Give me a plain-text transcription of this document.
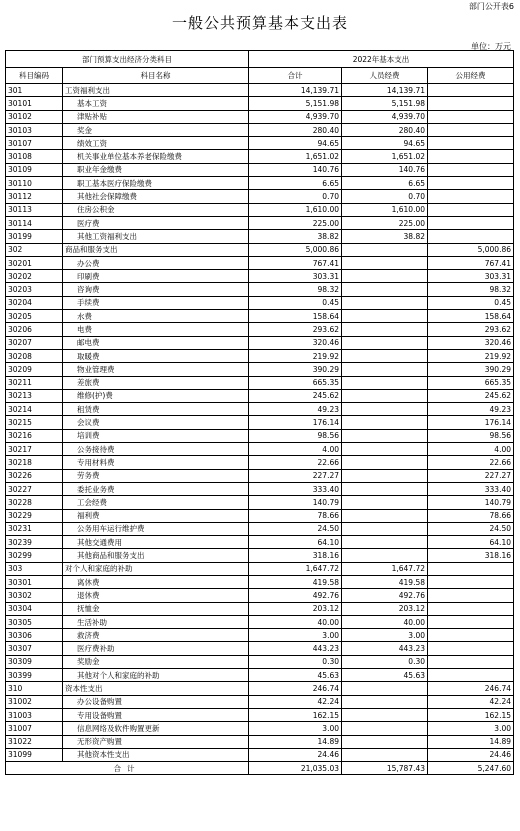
部门公开表6
一般公共预算基本支出表
单位：万元
部门预算支出经济分类科目		2022年基本支出		
科目编码	科目名称	合计	人员经费	公用经费
301	工资福利支出	14,139.71	14,139.71	
30101	基本工资	5,151.98	5,151.98	
30102	津贴补贴	4,939.70	4,939.70	
30103	奖金	280.40	280.40	
30107	绩效工资	94.65	94.65	
30108	机关事业单位基本养老保险缴费	1,651.02	1,651.02	
30109	职业年金缴费	140.76	140.76	
30110	职工基本医疗保险缴费	6.65	6.65	
30112	其他社会保障缴费	0.70	0.70	
30113	住房公积金	1,610.00	1,610.00	
30114	医疗费	225.00	225.00	
30199	其他工资福利支出	38.82	38.82	
302	商品和服务支出	5,000.86		5,000.86
30201	办公费	767.41		767.41
30202	印刷费	303.31		303.31
30203	咨询费	98.32		98.32
30204	手续费	0.45		0.45
30205	水费	158.64		158.64
30206	电费	293.62		293.62
30207	邮电费	320.46		320.46
30208	取暖费	219.92		219.92
30209	物业管理费	390.29		390.29
30211	差旅费	665.35		665.35
30213	维修(护)费	245.62		245.62
30214	租赁费	49.23		49.23
30215	会议费	176.14		176.14
30216	培训费	98.56		98.56
30217	公务接待费	4.00		4.00
30218	专用材料费	22.66		22.66
30226	劳务费	227.27		227.27
30227	委托业务费	333.40		333.40
30228	工会经费	140.79		140.79
30229	福利费	78.66		78.66
30231	公务用车运行维护费	24.50		24.50
30239	其他交通费用	64.10		64.10
30299	其他商品和服务支出	318.16		318.16
303	对个人和家庭的补助	1,647.72	1,647.72	
30301	离休费	419.58	419.58	
30302	退休费	492.76	492.76	
30304	抚恤金	203.12	203.12	
30305	生活补助	40.00	40.00	
30306	救济费	3.00	3.00	
30307	医疗费补助	443.23	443.23	
30309	奖励金	0.30	0.30	
30399	其他对个人和家庭的补助	45.63	45.63	
310	资本性支出	246.74		246.74
31002	办公设备购置	42.24		42.24
31003	专用设备购置	162.15		162.15
31007	信息网络及软件购置更新	3.00		3.00
31022	无形资产购置	14.89		14.89
31099	其他资本性支出	24.46		24.46
合计		21,035.03	15,787.43	5,247.60
